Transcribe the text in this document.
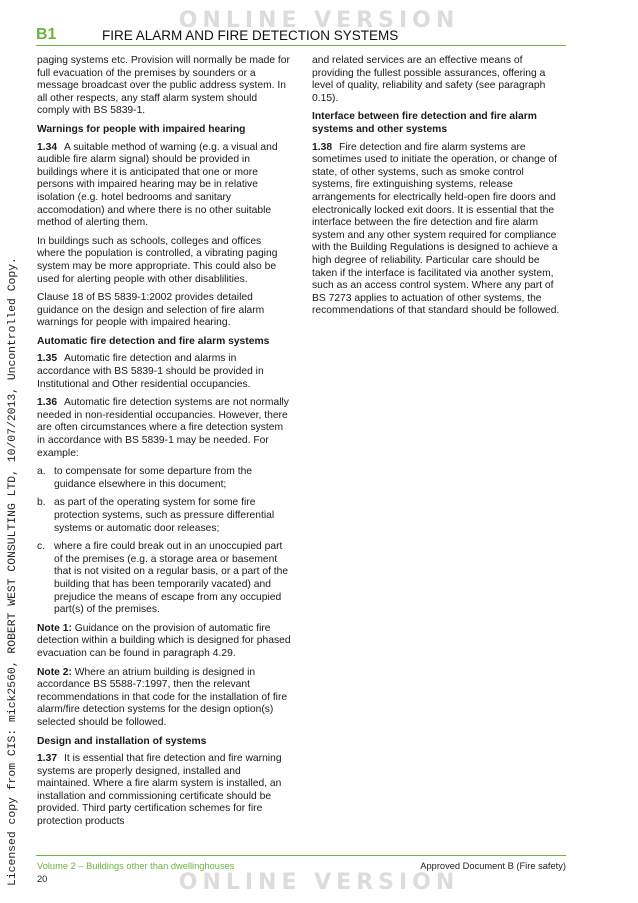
ONLINE VERSION
B1	FIRE ALARM AND FIRE DETECTION SYSTEMS
Licensed copy from CIS: mick2560, ROBERT WEST CONSULTING LTD, 10/07/2013, Uncontrolled Copy.

paging systems etc. Provision will normally be made for full evacuation of the premises by sounders or a message broadcast over the public address system. In all other respects, any staff alarm system should comply with BS 5839-1.

Warnings for people with impaired hearing

1.34 A suitable method of warning (e.g. a visual and audible fire alarm signal) should be provided in buildings where it is anticipated that one or more persons with impaired hearing may be in relative isolation (e.g. hotel bedrooms and sanitary accomodation) and where there is no other suitable method of alerting them.

In buildings such as schools, colleges and offices where the population is controlled, a vibrating paging system may be more appropriate. This could also be used for alerting people with other disablilities.

Clause 18 of BS 5839-1:2002 provides detailed guidance on the design and selection of fire alarm warnings for people with impaired hearing.

Automatic fire detection and fire alarm systems

1.35 Automatic fire detection and alarms in accordance with BS 5839-1 should be provided in Institutional and Other residential occupancies.

1.36 Automatic fire detection systems are not normally needed in non-residential occupancies. However, there are often circumstances where a fire detection system in accordance with BS 5839-1 may be needed. For example:

a. to compensate for some departure from the guidance elsewhere in this document;
b. as part of the operating system for some fire protection systems, such as pressure differential systems or automatic door releases;
c. where a fire could break out in an unoccupied part of the premises (e.g. a storage area or basement that is not visited on a regular basis, or a part of the building that has been temporarily vacated) and prejudice the means of escape from any occupied part(s) of the premises.

Note 1: Guidance on the provision of automatic fire detection within a building which is designed for phased evacuation can be found in paragraph 4.29.

Note 2: Where an atrium building is designed in accordance BS 5588-7:1997, then the relevant recommendations in that code for the installation of fire alarm/fire detection systems for the design option(s) selected should be followed.

Design and installation of systems

1.37 It is essential that fire detection and fire warning systems are properly designed, installed and maintained. Where a fire alarm system is installed, an installation and commissioning certificate should be provided. Third party certification schemes for fire protection products

and related services are an effective means of providing the fullest possible assurances, offering a level of quality, reliability and safety (see paragraph 0.15).

Interface between fire detection and fire alarm systems and other systems

1.38 Fire detection and fire alarm systems are sometimes used to initiate the operation, or change of state, of other systems, such as smoke control systems, fire extinguishing systems, release arrangements for electrically held-open fire doors and electronically locked exit doors. It is essential that the interface between the fire detection and fire alarm system and any other system required for compliance with the Building Regulations is designed to achieve a high degree of reliability. Particular care should be taken if the interface is facilitated via another system, such as an access control system. Where any part of BS 7273 applies to actuation of other systems, the recommendations of that standard should be followed.

Volume 2 – Buildings other than dwellinghouses	Approved Document B (Fire safety)
20	ONLINE VERSION
